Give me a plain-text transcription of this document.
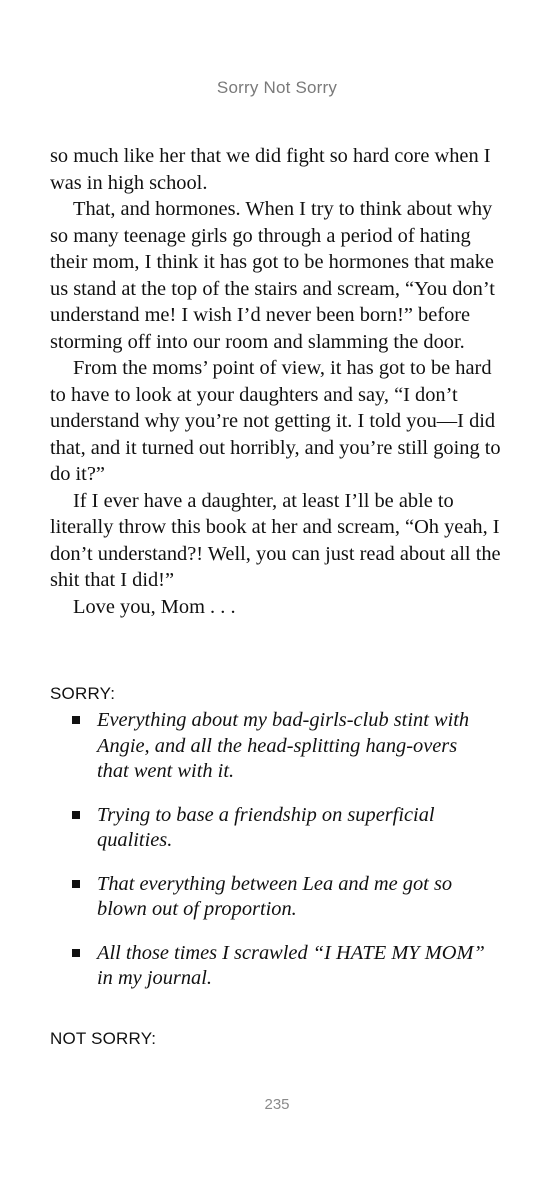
Sorry Not Sorry

so much like her that we did fight so hard core when I was in high school.

That, and hormones. When I try to think about why so many teenage girls go through a period of hating their mom, I think it has got to be hormones that make us stand at the top of the stairs and scream, “You don’t understand me! I wish I’d never been born!” before storming off into our room and slamming the door.

From the moms’ point of view, it has got to be hard to have to look at your daughters and say, “I don’t understand why you’re not getting it. I told you—I did that, and it turned out horribly, and you’re still going to do it?”

If I ever have a daughter, at least I’ll be able to literally throw this book at her and scream, “Oh yeah, I don’t understand?! Well, you can just read about all the shit that I did!”

Love you, Mom . . .

SORRY:
Everything about my bad-girls-club stint with Angie, and all the head-splitting hang-overs that went with it.
Trying to base a friendship on superficial qualities.
That everything between Lea and me got so blown out of proportion.
All those times I scrawled “I HATE MY MOM” in my journal.
NOT SORRY:
235
